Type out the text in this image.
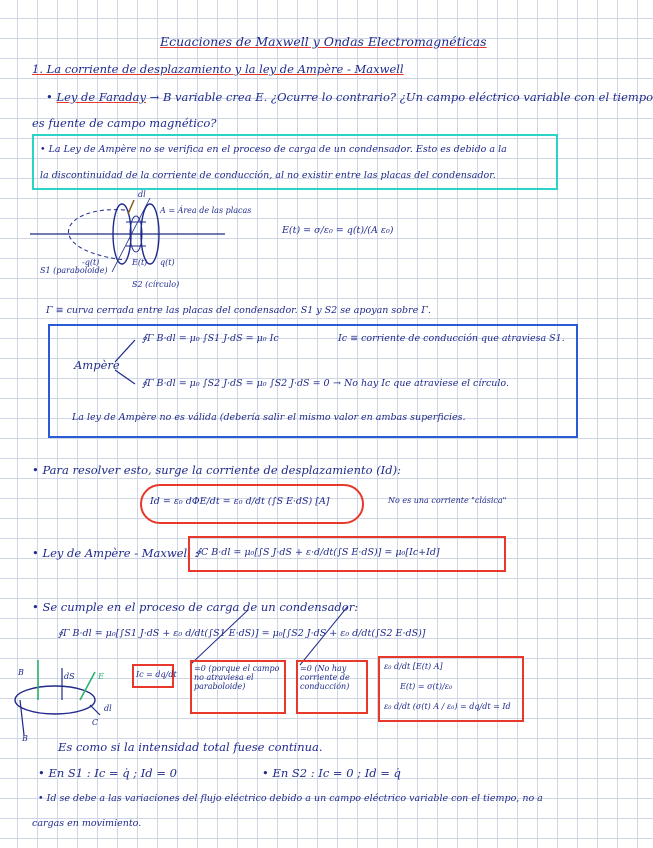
Ecuaciones de Maxwell y Ondas Electromagnéticas
1. La corriente de desplazamiento y la ley de Ampère - Maxwell
• Ley de Faraday → B variable crea E. ¿Ocurre lo contrario? ¿Un campo eléctrico variable con el tiempo
es fuente de campo magnético?
• La Ley de Ampère no se verifica en el proceso de carga de un condensador. Esto es debido a la
la discontinuidad de la corriente de conducción, al no existir entre las placas del condensador.
dl
A = Área de las placas
-q(t)	q(t)
E(t)
S1 (paraboloide)
S2 (círculo)
E(t) = σ/ε₀ = q(t)/(A ε₀)
Γ ≡ curva cerrada entre las placas del condensador. S1 y S2 se apoyan sobre Γ.
Ampère
∮Γ B·dl = μ₀ ∫S1 J·dS = μ₀ Ic	Ic ≡ corriente de conducción que atraviesa S1.
∮Γ B·dl = μ₀ ∫S2 J·dS = μ₀ ∫S2 J·dS = 0 → No hay Ic que atraviese el círculo.
La ley de Ampère no es válida (debería salir el mismo valor en ambas superficies.
• Para resolver esto, surge la corriente de desplazamiento (Id):
Id = ε₀ dΦE/dt = ε₀ d/dt (∫S E·dS) [A]	No es una corriente "clásica"
• Ley de Ampère - Maxwell :
∮C B·dl = μ₀[∫S J·dS + ε·d/dt(∫S E·dS)] = μ₀[Ic+Id]
• Se cumple en el proceso de carga de un condensador:
∮Γ B·dl = μ₀[∫S1 J·dS + ε₀ d/dt(∫S1 E·dS)] = μ₀[∫S2 J·dS + ε₀ d/dt(∫S2 E·dS)]
Ic = dq/dt
=0 (porque el campo no atraviesa el paraboloide)
=0 (No hay corriente de conducción)
ε₀ d/dt [E(t) A]
E(t) = σ(t)/ε₀
ε₀ d/dt (σ(t) A / ε₀) = dq/dt = Id
B	dS	E
dl
C
B
Es como si la intensidad total fuese continua.
• En S1 : Ic = q̇ ; Id = 0	• En S2 : Ic = 0 ; Id = q̇
• Id se debe a las variaciones del flujo eléctrico debido a un campo eléctrico variable con el tiempo, no a
cargas en movimiento.
